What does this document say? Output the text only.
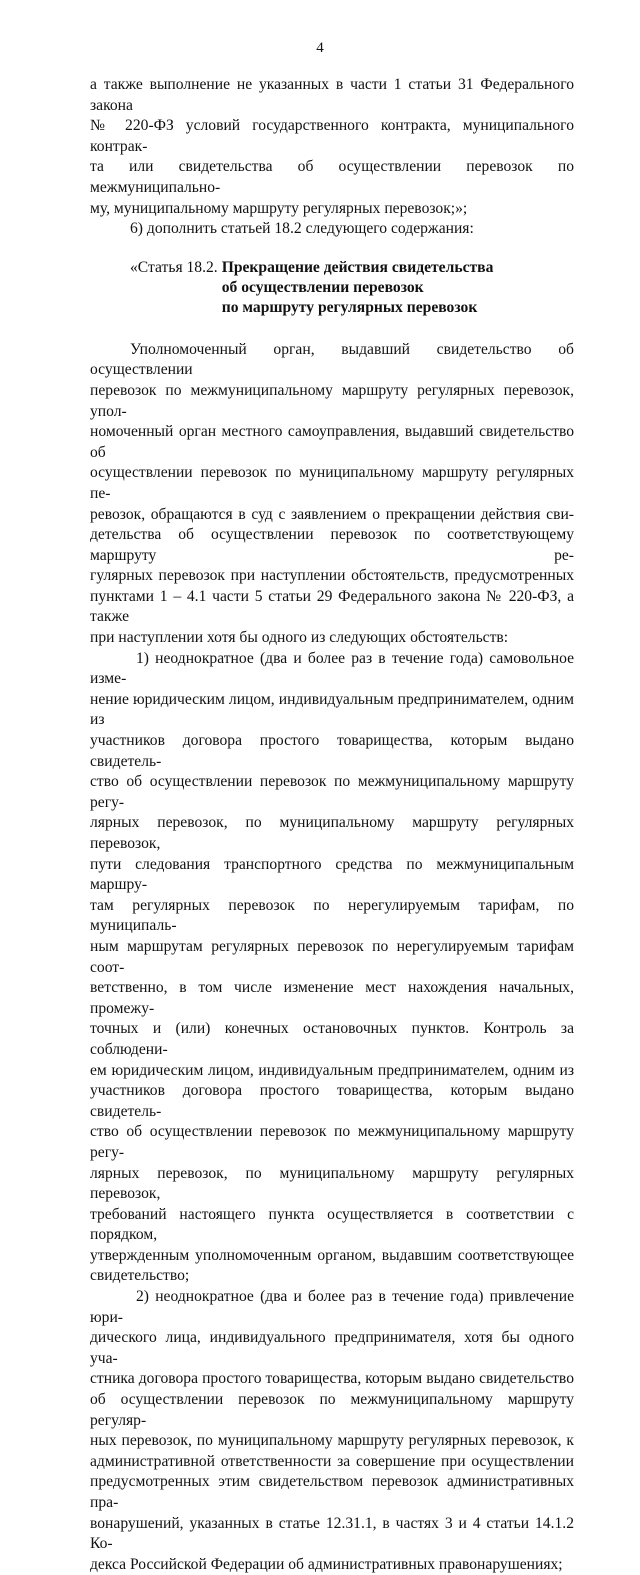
4

а также выполнение не указанных в части 1 статьи 31 Федерального закона

№ 220-ФЗ условий государственного контракта, муниципального контрак-

та или свидетельства об осуществлении перевозок по межмуниципально-

му, муниципальному маршруту регулярных перевозок;»;

6) дополнить статьей 18.2 следующего содержания:

«Статья 18.2. Прекращение действия свидетельства
об осуществлении перевозок
по маршруту регулярных перевозок

Уполномоченный орган, выдавший свидетельство об осуществлении

перевозок по межмуниципальному маршруту регулярных перевозок, упол-

номоченный орган местного самоуправления, выдавший свидетельство об

осуществлении перевозок по муниципальному маршруту регулярных пе-

ревозок, обращаются в суд с заявлением о прекращении действия сви-

детельства об осуществлении перевозок по соответствующему маршруту ре-

гулярных перевозок при наступлении обстоятельств, предусмотренных

пунктами 1 – 4.1 части 5 статьи 29 Федерального закона № 220-ФЗ, а также

при наступлении хотя бы одного из следующих обстоятельств:

1) неоднократное (два и более раз в течение года) самовольное изме-

нение юридическим лицом, индивидуальным предпринимателем, одним из

участников договора простого товарищества, которым выдано свидетель-

ство об осуществлении перевозок по межмуниципальному маршруту регу-

лярных перевозок, по муниципальному маршруту регулярных перевозок,

пути следования транспортного средства по межмуниципальным маршру-

там регулярных перевозок по нерегулируемым тарифам, по муниципаль-

ным маршрутам регулярных перевозок по нерегулируемым тарифам соот-

ветственно, в том числе изменение мест нахождения начальных, промежу-

точных и (или) конечных остановочных пунктов. Контроль за соблюдени-

ем юридическим лицом, индивидуальным предпринимателем, одним из

участников договора простого товарищества, которым выдано свидетель-

ство об осуществлении перевозок по межмуниципальному маршруту регу-

лярных перевозок, по муниципальному маршруту регулярных перевозок,

требований настоящего пункта осуществляется в соответствии с порядком,

утвержденным уполномоченным органом, выдавшим соответствующее

свидетельство;

2) неоднократное (два и более раз в течение года) привлечение юри-

дического лица, индивидуального предпринимателя, хотя бы одного уча-

стника договора простого товарищества, которым выдано свидетельство

об осуществлении перевозок по межмуниципальному маршруту регуляр-

ных перевозок, по муниципальному маршруту регулярных перевозок, к

административной ответственности за совершение при осуществлении

предусмотренных этим свидетельством перевозок административных пра-

вонарушений, указанных в статье 12.31.1, в частях 3 и 4 статьи 14.1.2 Ко-

декса Российской Федерации об административных правонарушениях;
